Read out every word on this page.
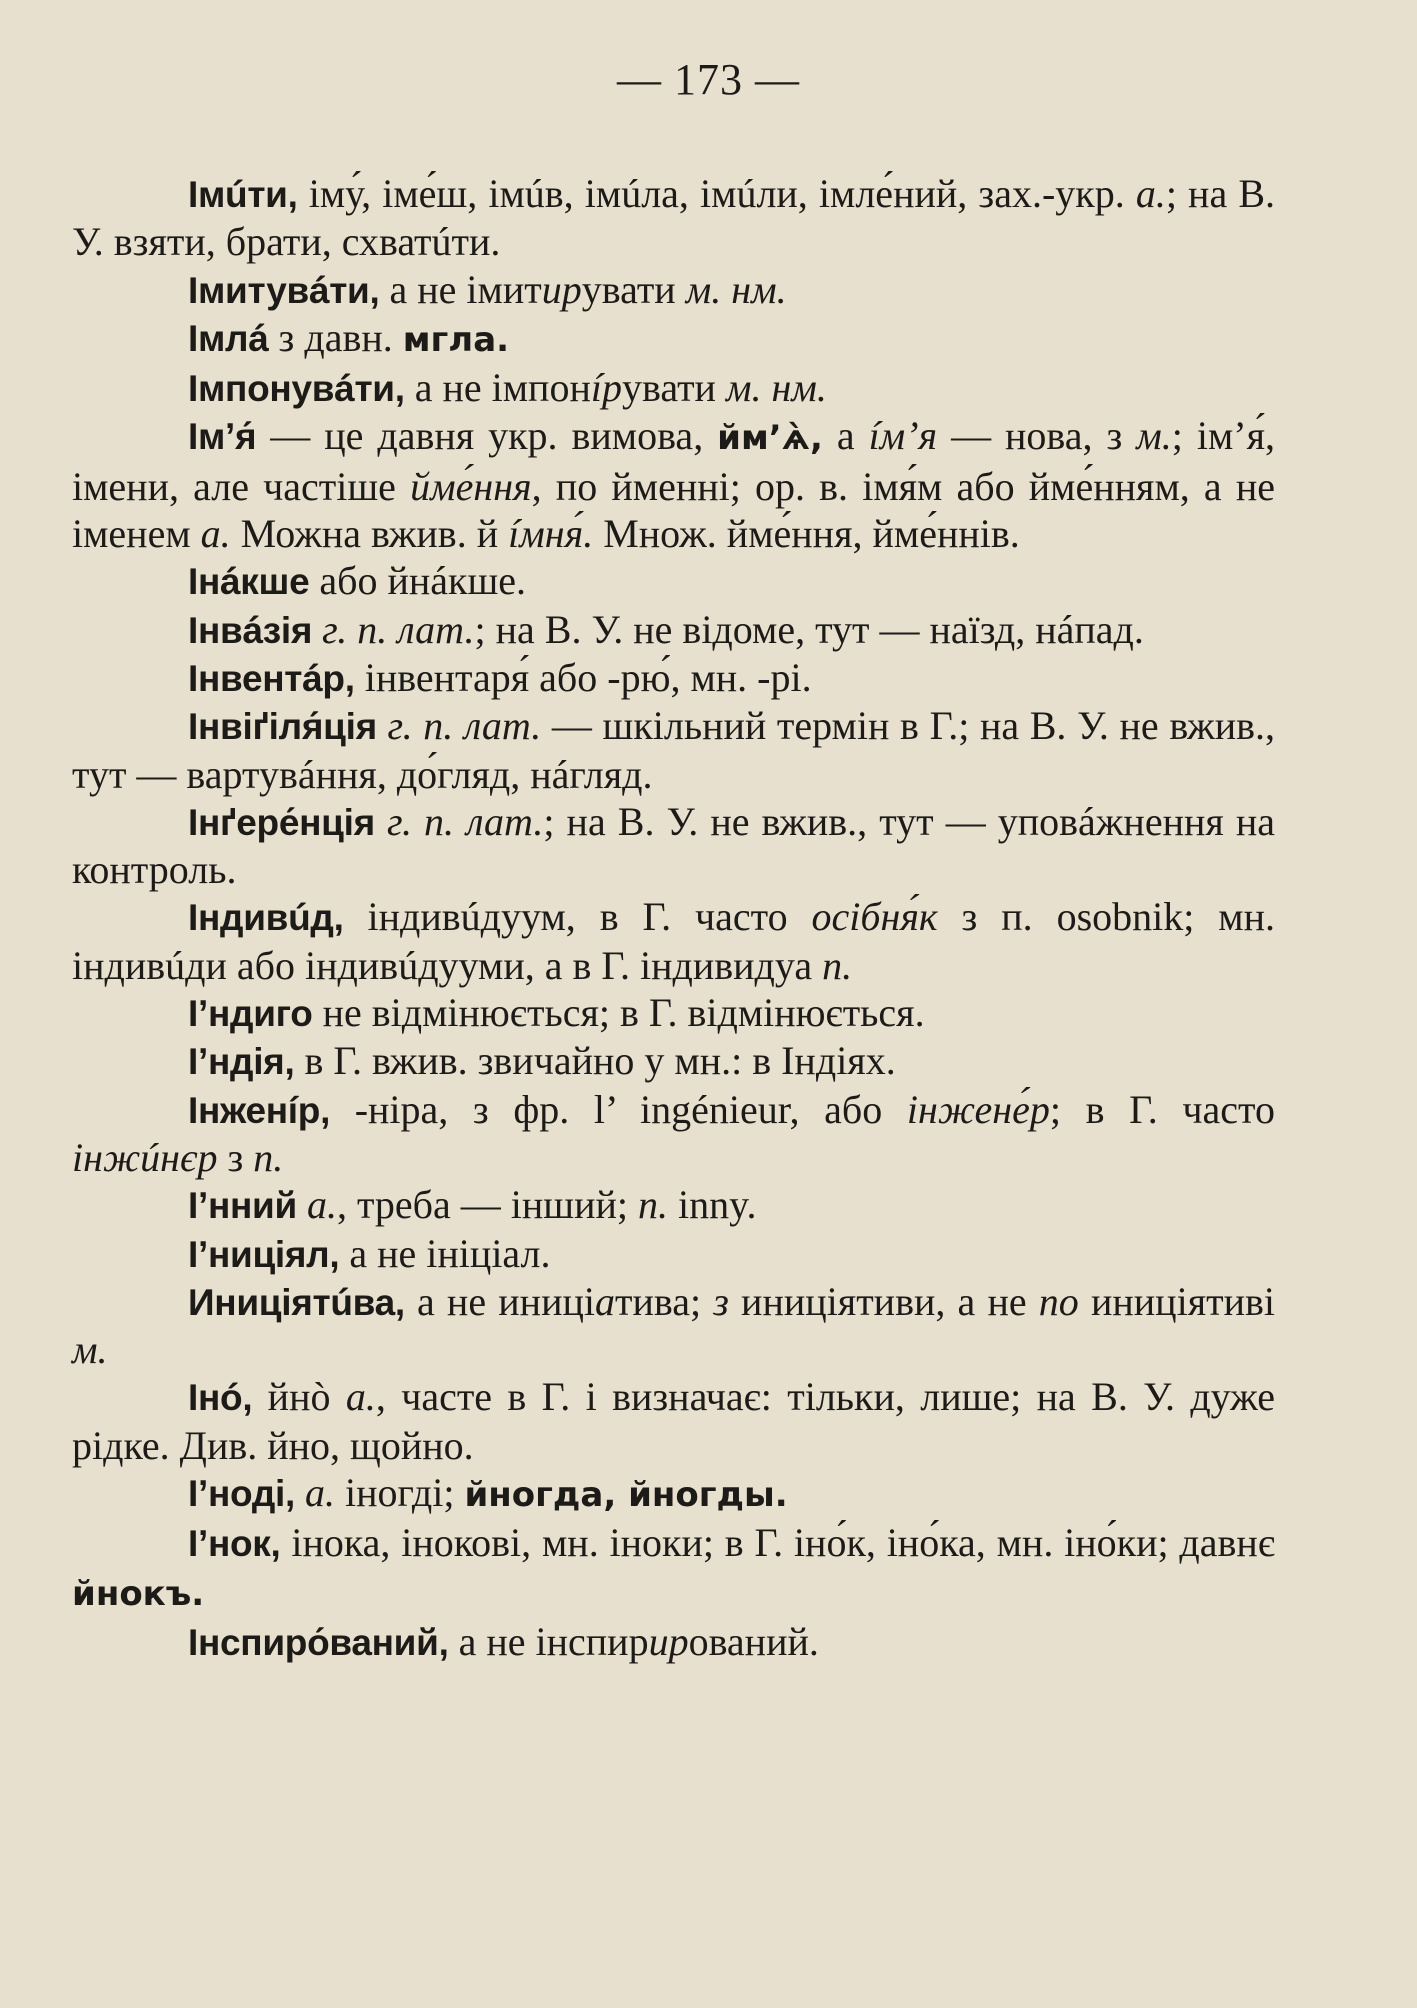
— 173 —

Імúти, іму́, іме́ш, імúв, імúла, імúли, імле́ний, зах.-укр. а.; на В. У. взяти, брати, схватúти.

Імитувáти, а не імитирувати м. нм.

Імлá з давн. мгла.

Імпонувáти, а не імпонíрувати м. нм.

Ім’я́ — це давня укр. вимова, йм’ѧ̀, а íм’я — нова, з м.; ім’я́, імени, але частіше йме́ння, по йменні; ор. в. імя́м або йме́нням, а не іменем а. Можна вжив. й íмня́. Множ. йме́ння, йме́ннів.

Інáкше або йнáкше.

Інвáзія г. п. лат.; на В. У. не відоме, тут — наїзд, нáпад.

Інвентáр, інвентаря́ або -рю́, мн. -рі.

Інвіґіля́ція г. п. лат. — шкільний термін в Г.; на В. У. не вжив., тут — вартувáння, до́гляд, нáгляд.

Інґере́нція г. п. лат.; на В. У. не вжив., тут — уповáжнення на контроль.

Індивúд, індивúдуум, в Г. часто осібня́к з п. osobnik; мн. індивúди або індивúдууми, а в Г. індивидуа п.

І’ндиго не відмінюється; в Г. відмінюється.

І’ндія, в Г. вжив. звичайно у мн.: в Індіях.

Інженíр, -ніра, з фр. l’ ingénieur, або інжене́р; в Г. часто інжúнєр з п.

І’нний а., треба — інший; п. inny.

І’ниціял, а не ініціал.

Иниціятúва, а не иниціатива; з иниціятиви, а не по иниціятиві м.

Інó, йнò а., часте в Г. і визначає: тільки, лише; на В. У. дуже рідке. Див. йно, щойно.

І’ноді, а. іногді; йногда, йногды.

І’нок, інока, інокові, мн. іноки; в Г. іно́к, іно́ка, мн. іно́ки; давнє йнокъ.

Інспиро́ваний, а не інспирирований.
